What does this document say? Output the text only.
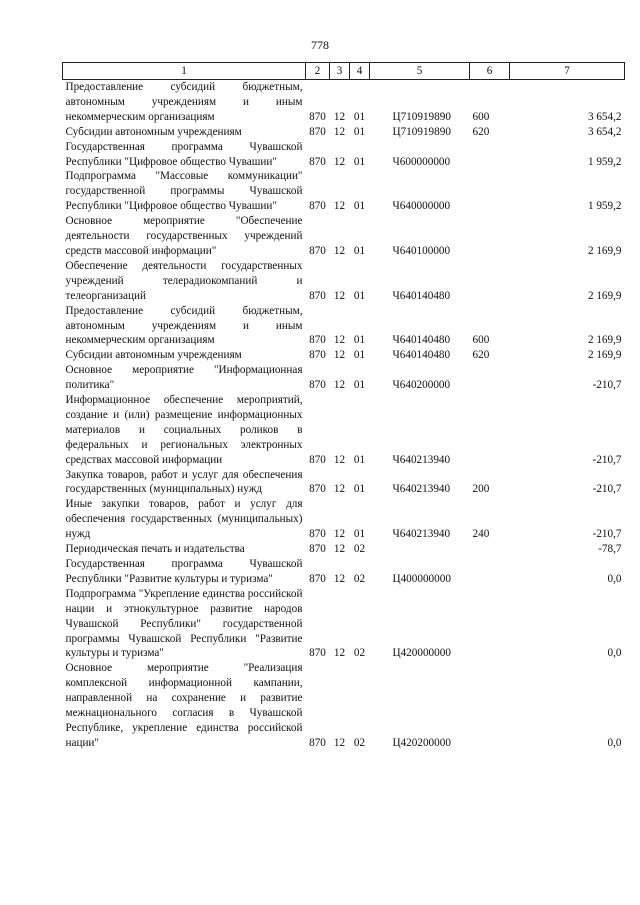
778
1	2	3	4	5	6	7
Предоставление субсидий бюджетным, автономным учреждениям и иным некоммерческим организациям	870	12	01	Ц710919890	600	3 654,2
Субсидии автономным учреждениям	870	12	01	Ц710919890	620	3 654,2
Государственная программа Чувашской Республики "Цифровое общество Чувашии"	870	12	01	Ч600000000		1 959,2
Подпрограмма "Массовые коммуникации" государственной программы Чувашской Республики "Цифровое общество Чувашии"	870	12	01	Ч640000000		1 959,2
Основное мероприятие "Обеспечение деятельности государственных учреждений средств массовой информации"	870	12	01	Ч640100000		2 169,9
Обеспечение деятельности государственных учреждений телерадиокомпаний и телеорганизаций	870	12	01	Ч640140480		2 169,9
Предоставление субсидий бюджетным, автономным учреждениям и иным некоммерческим организациям	870	12	01	Ч640140480	600	2 169,9
Субсидии автономным учреждениям	870	12	01	Ч640140480	620	2 169,9
Основное мероприятие "Информационная политика"	870	12	01	Ч640200000		-210,7
Информационное обеспечение мероприятий, создание и (или) размещение информационных материалов и социальных роликов в федеральных и региональных электронных средствах массовой информации	870	12	01	Ч640213940		-210,7
Закупка товаров, работ и услуг для обеспечения государственных (муниципальных) нужд	870	12	01	Ч640213940	200	-210,7
Иные закупки товаров, работ и услуг для обеспечения государственных (муниципальных) нужд	870	12	01	Ч640213940	240	-210,7
Периодическая печать и издательства	870	12	02			-78,7
Государственная программа Чувашской Республики "Развитие культуры и туризма"	870	12	02	Ц400000000		0,0
Подпрограмма "Укрепление единства российской нации и этнокультурное развитие народов Чувашской Республики" государственной программы Чувашской Республики "Развитие культуры и туризма"	870	12	02	Ц420000000		0,0
Основное мероприятие "Реализация комплексной информационной кампании, направленной на сохранение и развитие межнационального согласия в Чувашской Республике, укрепление единства российской нации"	870	12	02	Ц420200000		0,0
